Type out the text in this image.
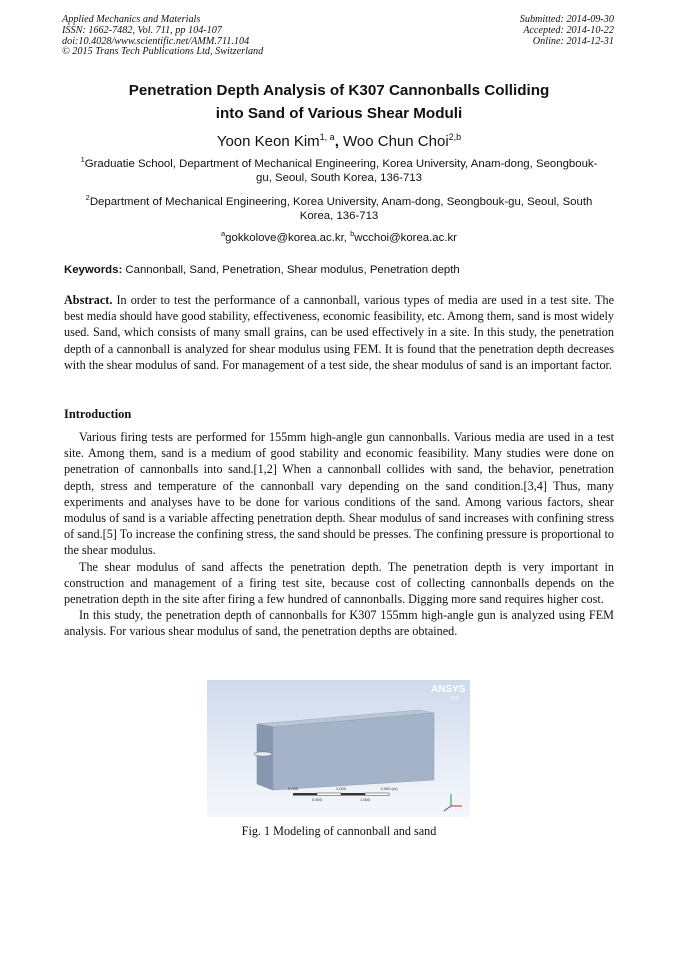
Applied Mechanics and Materials
ISSN: 1662-7482, Vol. 711, pp 104-107
doi:10.4028/www.scientific.net/AMM.711.104
© 2015 Trans Tech Publications Ltd, Switzerland
Submitted: 2014-09-30
Accepted: 2014-10-22
Online: 2014-12-31
Penetration Depth Analysis of K307 Cannonballs Colliding
into Sand of Various Shear Moduli
Yoon Keon Kim$^{1, a}$, Woo Chun Choi$^{2,b}$
$^1$Graduatie School, Department of Mechanical Engineering, Korea University, Anam-dong, Seongbouk-gu, Seoul, South Korea, 136-713
$^2$Department of Mechanical Engineering, Korea University, Anam-dong, Seongbouk-gu, Seoul, South Korea, 136-713
$^a$gokkolove@korea.ac.kr, $^b$wcchoi@korea.ac.kr
Keywords: Cannonball, Sand, Penetration, Shear modulus, Penetration depth
Abstract. In order to test the performance of a cannonball, various types of media are used in a test site. The best media should have good stability, effectiveness, economic feasibility, etc. Among them, sand is most widely used. Sand, which consists of many small grains, can be used effectively in a site. In this study, the penetration depth of a cannonball is analyzed for shear modulus using FEM. It is found that the penetration depth decreases with the shear modulus of sand. For management of a test side, the shear modulus of sand is an important factor.
Introduction

Various firing tests are performed for 155mm high-angle gun cannonballs. Various media are used in a test site. Among them, sand is a medium of good stability and economic feasibility. Many studies were done on penetration of cannonballs into sand.[1,2] When a cannonball collides with sand, the behavior, penetration depth, stress and temperature of the cannonball vary depending on the sand condition.[3,4] Thus, many experiments and analyses have to be done for various conditions of the sand. Among various factors, shear modulus of sand is a variable affecting penetration depth. Shear modulus of sand increases with confining stress of sand.[5] To increase the confining stress, the sand should be presses. The confining pressure is proportional to the shear modulus.

The shear modulus of sand affects the penetration depth. The penetration depth is very important in construction and management of a firing test site, because cost of collecting cannonballs depends on the penetration depth in the site after firing a few hundred of cannonballs. Digging more sand requires higher cost.

In this study, the penetration depth of cannonballs for K307 155mm high-angle gun is analyzed using FEM analysis. For various shear modulus of sand, the penetration depths are obtained.

0.000	1.000	2.000 (m)
0.500	1.500
ANSYS
14.0
Fig. 1 Modeling of cannonball and sand
